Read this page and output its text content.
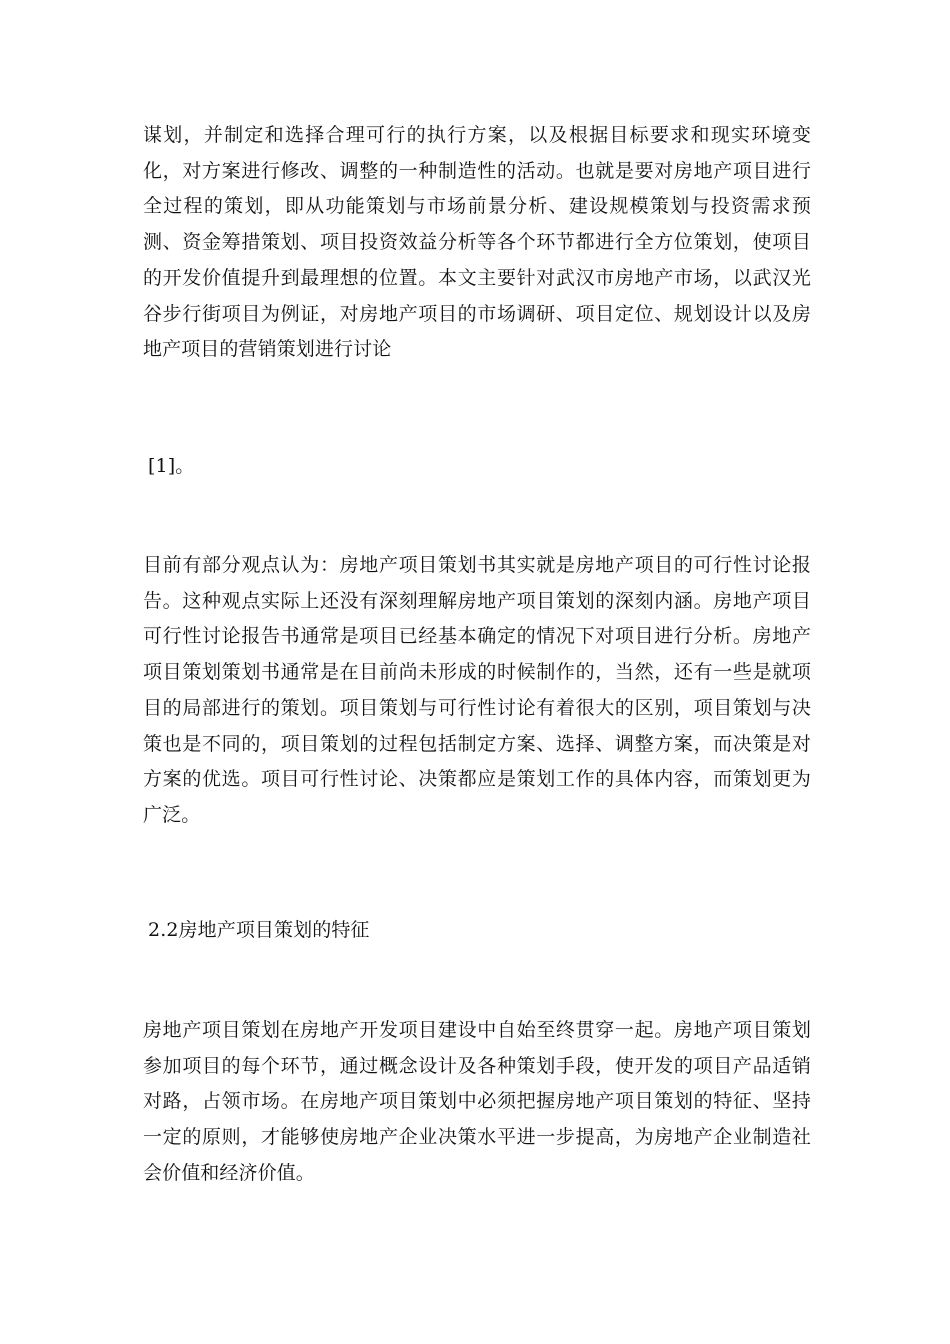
谋划，并制定和选择合理可行的执行方案，以及根据目标要求和现实环境变化，对方案进行修改、调整的一种制造性的活动。也就是要对房地产项目进行全过程的策划，即从功能策划与市场前景分析、建设规模策划与投资需求预测、资金筹措策划、项目投资效益分析等各个环节都进行全方位策划，使项目的开发价值提升到最理想的位置。本文主要针对武汉市房地产市场，以武汉光谷步行街项目为例证，对房地产项目的市场调研、项目定位、规划设计以及房地产项目的营销策划进行讨论

[1]。

目前有部分观点认为：房地产项目策划书其实就是房地产项目的可行性讨论报告。这种观点实际上还没有深刻理解房地产项目策划的深刻内涵。房地产项目可行性讨论报告书通常是项目已经基本确定的情况下对项目进行分析。房地产项目策划策划书通常是在目前尚未形成的时候制作的，当然，还有一些是就项目的局部进行的策划。项目策划与可行性讨论有着很大的区别，项目策划与决策也是不同的，项目策划的过程包括制定方案、选择、调整方案，而决策是对方案的优选。项目可行性讨论、决策都应是策划工作的具体内容，而策划更为广泛。

2.2房地产项目策划的特征

房地产项目策划在房地产开发项目建设中自始至终贯穿一起。房地产项目策划参加项目的每个环节，通过概念设计及各种策划手段，使开发的项目产品适销对路，占领市场。在房地产项目策划中必须把握房地产项目策划的特征、坚持一定的原则，才能够使房地产企业决策水平进一步提高，为房地产企业制造社会价值和经济价值。
